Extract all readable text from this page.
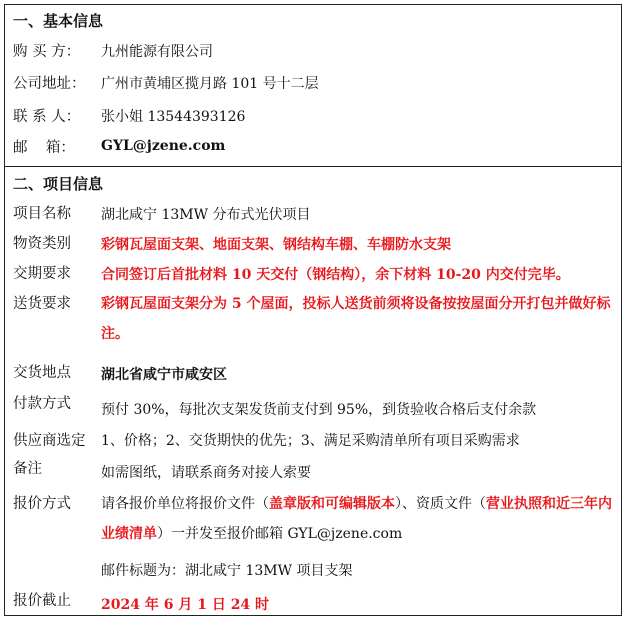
一、基本信息
购 买 方： 九州能源有限公司
公司地址： 广州市黄埔区揽月路 101 号十二层
联 系 人： 张小姐 13544393126
邮    箱： GYL@jzene.com
二、项目信息
项目名称 湖北咸宁 13MW 分布式光伏项目
物资类别 彩钢瓦屋面支架、地面支架、钢结构车棚、车棚防水支架
交期要求 合同签订后首批材料 10 天交付（钢结构），余下材料 10-20 内交付完毕。
送货要求 彩钢瓦屋面支架分为 5 个屋面，投标人送货前须将设备按按屋面分开打包并做好标注。
交货地点 湖北省咸宁市咸安区
付款方式 预付 30%，每批次支架发货前支付到 95%，到货验收合格后支付余款
供应商选定 1、价格；2、交货期快的优先；3、满足采购清单所有项目采购需求
备注	如需图纸，请联系商务对接人索要
报价方式 请各报价单位将报价文件（盖章版和可编辑版本）、资质文件（营业执照和近三年内业绩清单）一并发至报价邮箱 GYL@jzene.com
邮件标题为：湖北咸宁 13MW 项目支架
报价截止 2024 年 6 月 1 日 24 时
